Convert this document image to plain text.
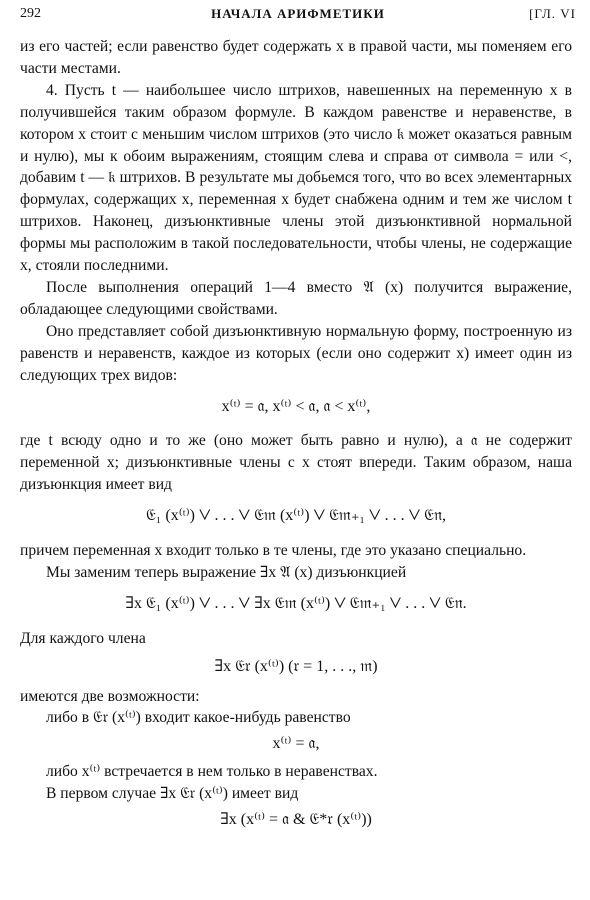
292	НАЧАЛА АРИФМЕТИКИ	[ГЛ. VI

из его частей; если равенство будет содержать x в правой части, мы поменяем его части местами.

4. Пусть t — наибольшее число штрихов, навешенных на переменную x в получившейся таким образом формуле. В каждом равенстве и неравенстве, в котором x стоит с меньшим числом штрихов (это число 𝔨 может оказаться равным и нулю), мы к обоим выражениям, стоящим слева и справа от символа = или <, добавим t — 𝔨 штрихов. В результате мы добьемся того, что во всех элементарных формулах, содержащих x, переменная x будет снабжена одним и тем же числом t штрихов. Наконец, дизъюнктивные члены этой дизъюнктивной нормальной формы мы расположим в такой последовательности, чтобы члены, не содержащие x, стояли последними.

После выполнения операций 1—4 вместо 𝔄 (x) получится выражение, обладающее следующими свойствами.

Оно представляет собой дизъюнктивную нормальную форму, построенную из равенств и неравенств, каждое из которых (если оно содержит x) имеет один из следующих трех видов:

x⁽ᵗ⁾ = 𝔞, x⁽ᵗ⁾ < 𝔞, 𝔞 < x⁽ᵗ⁾,

где t всюду одно и то же (оно может быть равно и нулю), а 𝔞 не содержит переменной x; дизъюнктивные члены с x стоят впереди. Таким образом, наша дизъюнкция имеет вид

𝔈₁ (x⁽ᵗ⁾) ⋁ . . . ⋁ 𝔈𝔪 (x⁽ᵗ⁾) ⋁ 𝔈𝔪₊₁ ⋁ . . . ⋁ 𝔈𝔫,

причем переменная x входит только в те члены, где это указано специально.

Мы заменим теперь выражение ∃x 𝔄 (x) дизъюнкцией

∃x 𝔈₁ (x⁽ᵗ⁾) ⋁ . . . ⋁ ∃x 𝔈𝔪 (x⁽ᵗ⁾) ⋁ 𝔈𝔪₊₁ ⋁ . . . ⋁ 𝔈𝔫.

Для каждого члена

∃x 𝔈𝔯 (x⁽ᵗ⁾) (𝔯 = 1, . . ., 𝔪)

имеются две возможности:

либо в 𝔈𝔯 (x⁽ᵗ⁾) входит какое-нибудь равенство

x⁽ᵗ⁾ = 𝔞,

либо x⁽ᵗ⁾ встречается в нем только в неравенствах.

В первом случае ∃x 𝔈𝔯 (x⁽ᵗ⁾) имеет вид

∃x (x⁽ᵗ⁾ = 𝔞 & 𝔈*𝔯 (x⁽ᵗ⁾))
